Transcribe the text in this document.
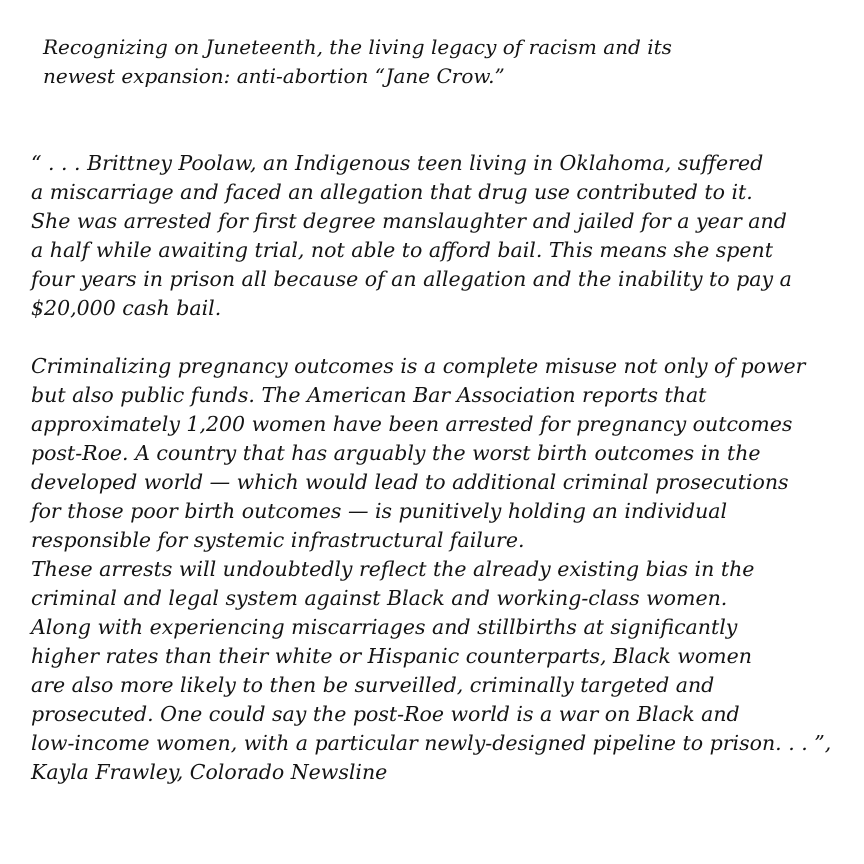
Recognizing on Juneteenth, the living legacy of racism and its
newest expansion: anti-abortion “Jane Crow.”

“ . . . Brittney Poolaw, an Indigenous teen living in Oklahoma, suffered
a miscarriage and faced an allegation that drug use contributed to it.
She was arrested for first degree manslaughter and jailed for a year and
a half while awaiting trial, not able to afford bail. This means she spent
four years in prison all because of an allegation and the inability to pay a
$20,000 cash bail.
Criminalizing pregnancy outcomes is a complete misuse not only of power
but also public funds. The American Bar Association reports that
approximately 1,200 women have been arrested for pregnancy outcomes
post-Roe. A country that has arguably the worst birth outcomes in the
developed world — which would lead to additional criminal prosecutions
for those poor birth outcomes — is punitively holding an individual
responsible for systemic infrastructural failure.
These arrests will undoubtedly reflect the already existing bias in the
criminal and legal system against Black and working-class women.
Along with experiencing miscarriages and stillbirths at significantly
higher rates than their white or Hispanic counterparts, Black women
are also more likely to then be surveilled, criminally targeted and
prosecuted. One could say the post-Roe world is a war on Black and
low-income women, with a particular newly-designed pipeline to prison. . . ”,
Kayla Frawley, Colorado Newsline
